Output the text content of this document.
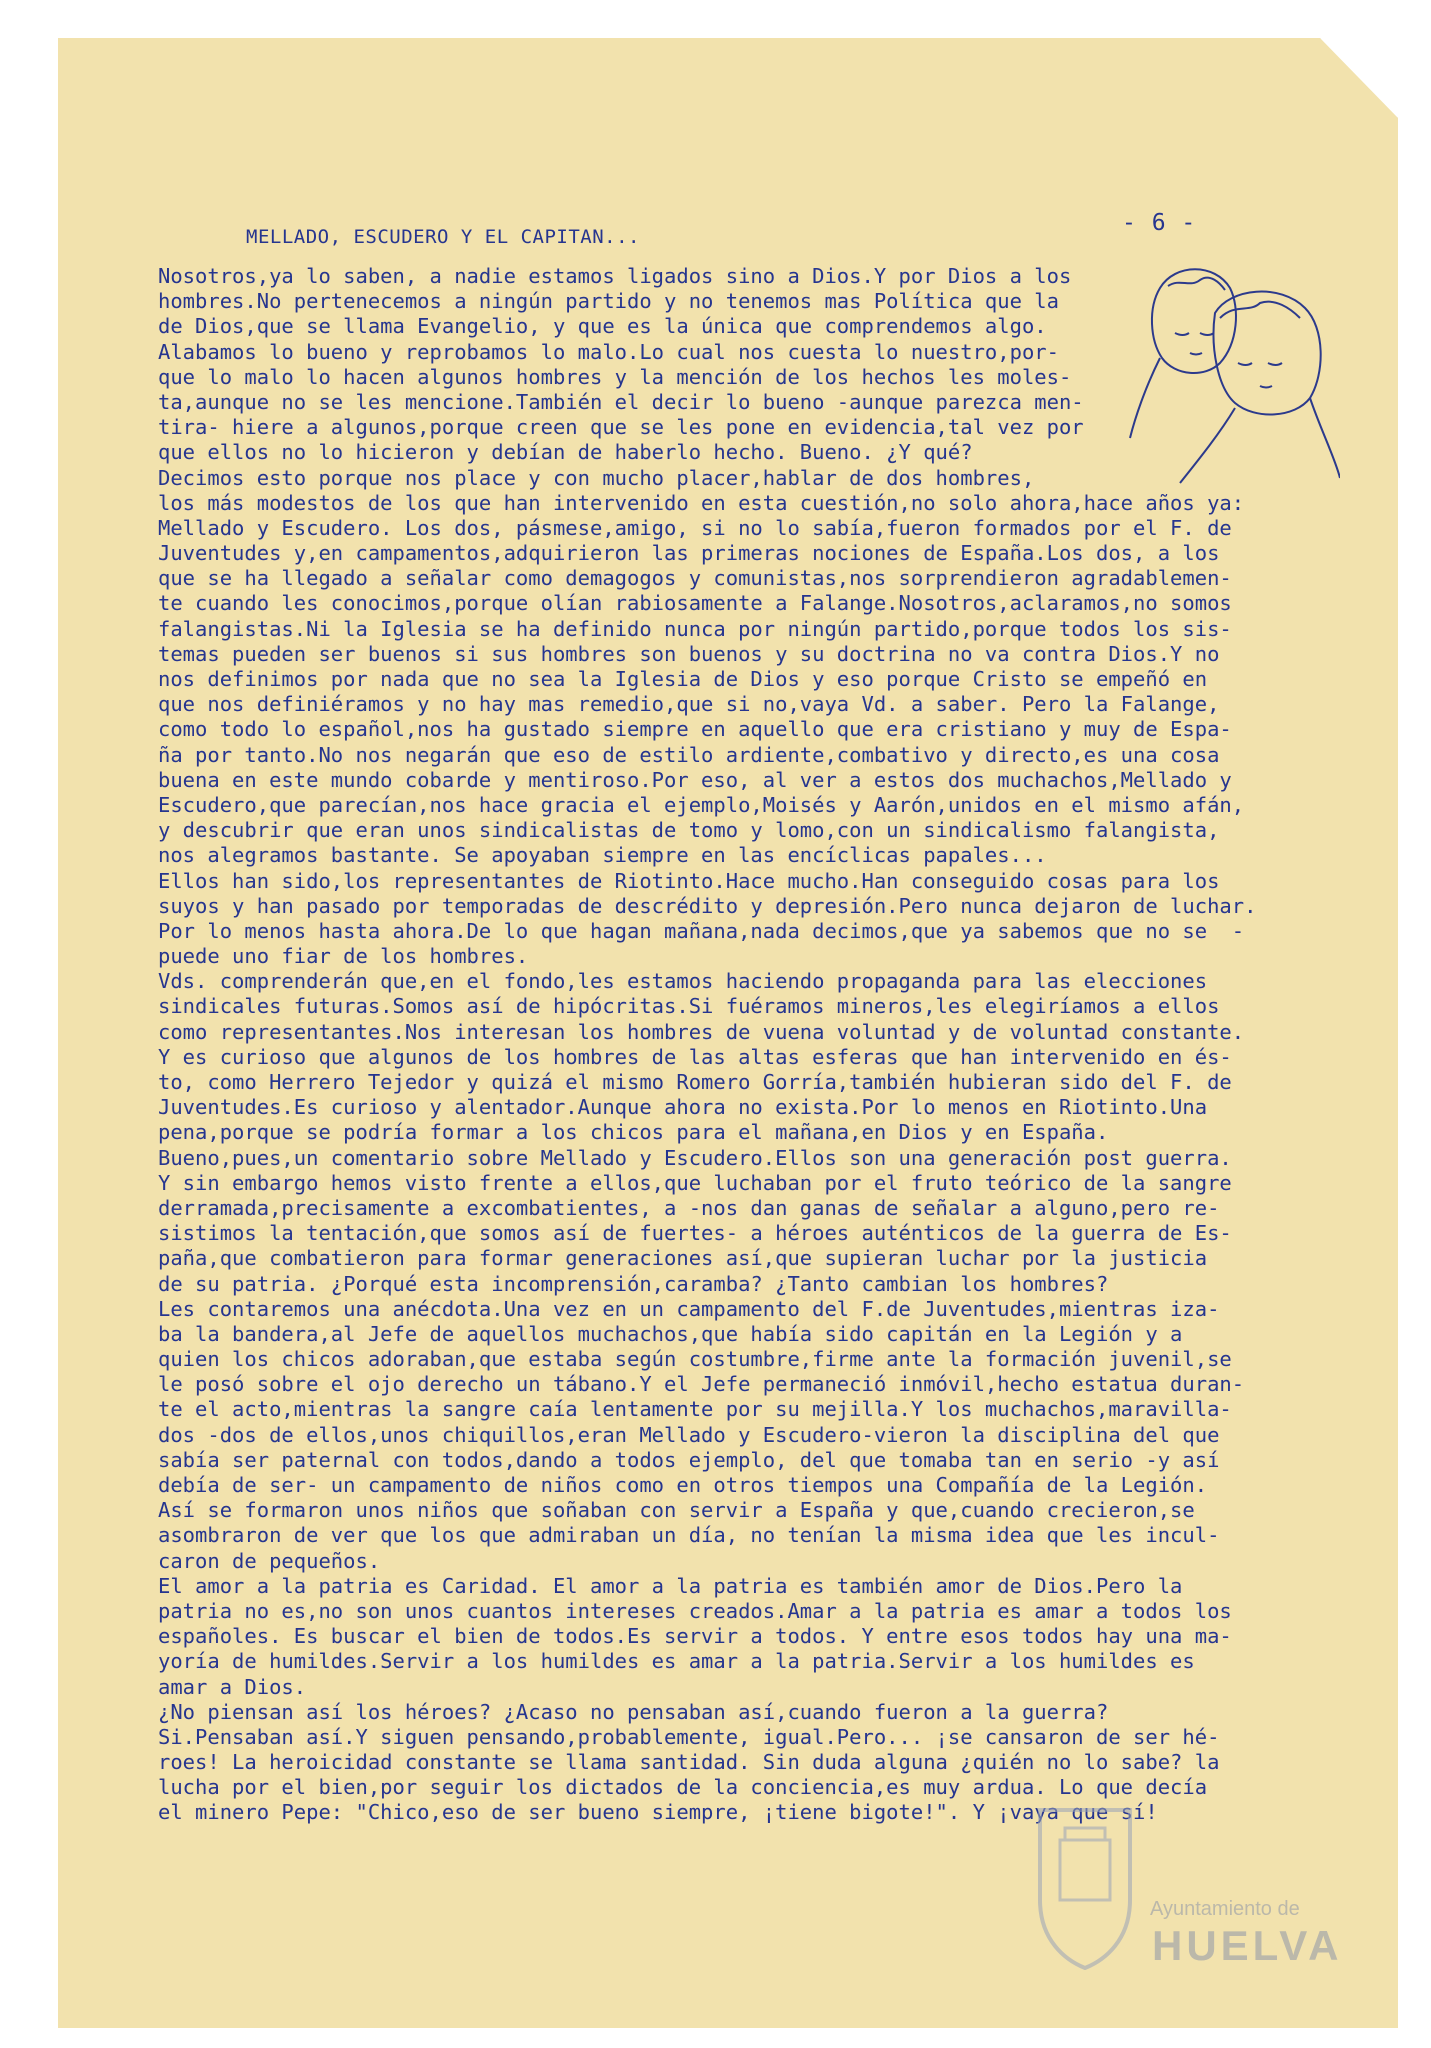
- 6 -
MELLADO, ESCUDERO Y EL CAPITAN...
Nosotros,ya lo saben, a nadie estamos ligados sino a Dios.Y por Dios a los
hombres.No pertenecemos a ningún partido y no tenemos mas Política que la
de Dios,que se llama Evangelio, y que es la única que comprendemos algo.
Alabamos lo bueno y reprobamos lo malo.Lo cual nos cuesta lo nuestro,por-
que lo malo lo hacen algunos hombres y la mención de los hechos les moles-
ta,aunque no se les mencione.También el decir lo bueno -aunque parezca men-
tira- hiere a algunos,porque creen que se les pone en evidencia,tal vez por
que ellos no lo hicieron y debían de haberlo hecho. Bueno. ¿Y qué?
Decimos esto porque nos place y con mucho placer,hablar de dos hombres,
los más modestos de los que han intervenido en esta cuestión,no solo ahora,hace años ya:
Mellado y Escudero. Los dos, pásmese,amigo, si no lo sabía,fueron formados por el F. de
Juventudes y,en campamentos,adquirieron las primeras nociones de España.Los dos, a los
que se ha llegado a señalar como demagogos y comunistas,nos sorprendieron agradablemen-
te cuando les conocimos,porque olían rabiosamente a Falange.Nosotros,aclaramos,no somos
falangistas.Ni la Iglesia se ha definido nunca por ningún partido,porque todos los sis-
temas pueden ser buenos si sus hombres son buenos y su doctrina no va contra Dios.Y no
nos definimos por nada que no sea la Iglesia de Dios y eso porque Cristo se empeñó en
que nos definiéramos y no hay mas remedio,que si no,vaya Vd. a saber. Pero la Falange,
como todo lo español,nos ha gustado siempre en aquello que era cristiano y muy de Espa-
ña por tanto.No nos negarán que eso de estilo ardiente,combativo y directo,es una cosa
buena en este mundo cobarde y mentiroso.Por eso, al ver a estos dos muchachos,Mellado y
Escudero,que parecían,nos hace gracia el ejemplo,Moisés y Aarón,unidos en el mismo afán,
y descubrir que eran unos sindicalistas de tomo y lomo,con un sindicalismo falangista,
nos alegramos bastante. Se apoyaban siempre en las encíclicas papales...
Ellos han sido,los representantes de Riotinto.Hace mucho.Han conseguido cosas para los
suyos y han pasado por temporadas de descrédito y depresión.Pero nunca dejaron de luchar.
Por lo menos hasta ahora.De lo que hagan mañana,nada decimos,que ya sabemos que no se  -
puede uno fiar de los hombres.
Vds. comprenderán que,en el fondo,les estamos haciendo propaganda para las elecciones
sindicales futuras.Somos así de hipócritas.Si fuéramos mineros,les elegiríamos a ellos
como representantes.Nos interesan los hombres de vuena voluntad y de voluntad constante.
Y es curioso que algunos de los hombres de las altas esferas que han intervenido en és-
to, como Herrero Tejedor y quizá el mismo Romero Gorría,también hubieran sido del F. de
Juventudes.Es curioso y alentador.Aunque ahora no exista.Por lo menos en Riotinto.Una
pena,porque se podría formar a los chicos para el mañana,en Dios y en España.
Bueno,pues,un comentario sobre Mellado y Escudero.Ellos son una generación post guerra.
Y sin embargo hemos visto frente a ellos,que luchaban por el fruto teórico de la sangre
derramada,precisamente a excombatientes, a -nos dan ganas de señalar a alguno,pero re-
sistimos la tentación,que somos así de fuertes- a héroes auténticos de la guerra de Es-
paña,que combatieron para formar generaciones así,que supieran luchar por la justicia
de su patria. ¿Porqué esta incomprensión,caramba? ¿Tanto cambian los hombres?
Les contaremos una anécdota.Una vez en un campamento del F.de Juventudes,mientras iza-
ba la bandera,al Jefe de aquellos muchachos,que había sido capitán en la Legión y a
quien los chicos adoraban,que estaba según costumbre,firme ante la formación juvenil,se
le posó sobre el ojo derecho un tábano.Y el Jefe permaneció inmóvil,hecho estatua duran-
te el acto,mientras la sangre caía lentamente por su mejilla.Y los muchachos,maravilla-
dos -dos de ellos,unos chiquillos,eran Mellado y Escudero-vieron la disciplina del que
sabía ser paternal con todos,dando a todos ejemplo, del que tomaba tan en serio -y así
debía de ser- un campamento de niños como en otros tiempos una Compañía de la Legión.
Así se formaron unos niños que soñaban con servir a España y que,cuando crecieron,se
asombraron de ver que los que admiraban un día, no tenían la misma idea que les incul-
caron de pequeños.
El amor a la patria es Caridad. El amor a la patria es también amor de Dios.Pero la
patria no es,no son unos cuantos intereses creados.Amar a la patria es amar a todos los
españoles. Es buscar el bien de todos.Es servir a todos. Y entre esos todos hay una ma-
yoría de humildes.Servir a los humildes es amar a la patria.Servir a los humildes es
amar a Dios.
¿No piensan así los héroes? ¿Acaso no pensaban así,cuando fueron a la guerra?
Si.Pensaban así.Y siguen pensando,probablemente, igual.Pero... ¡se cansaron de ser hé-
roes! La heroicidad constante se llama santidad. Sin duda alguna ¿quién no lo sabe? la
lucha por el bien,por seguir los dictados de la conciencia,es muy ardua. Lo que decía
el minero Pepe: "Chico,eso de ser bueno siempre, ¡tiene bigote!". Y ¡vaya que sí!
Ayuntamiento de
HUELVA
